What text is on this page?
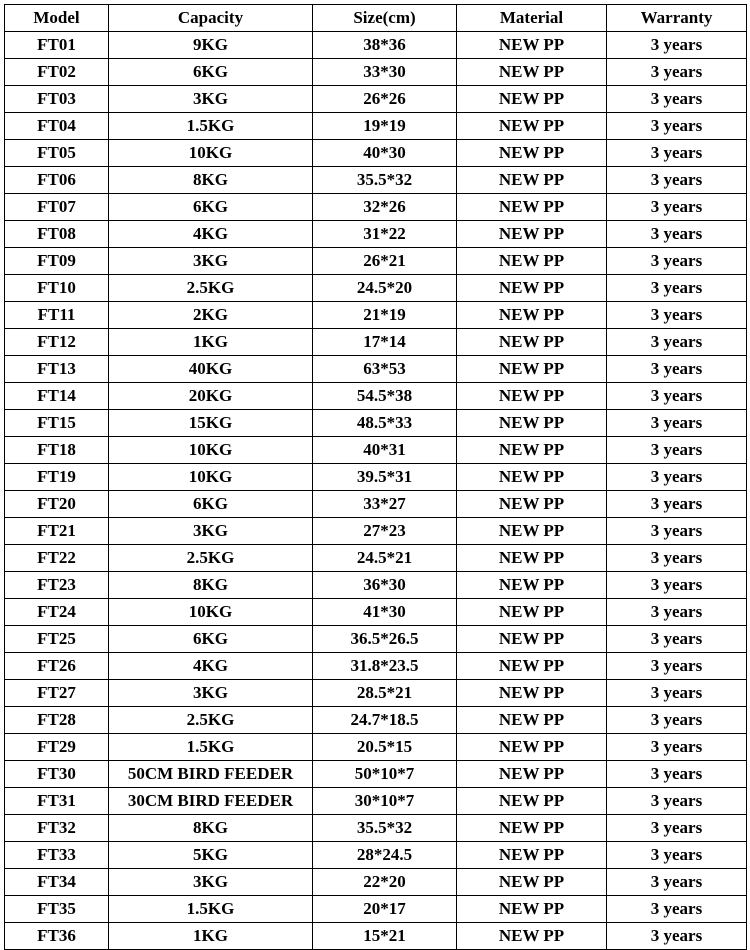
Model	Capacity	Size(cm)	Material	Warranty
FT01	9KG	38*36	NEW PP	3 years
FT02	6KG	33*30	NEW PP	3 years
FT03	3KG	26*26	NEW PP	3 years
FT04	1.5KG	19*19	NEW PP	3 years
FT05	10KG	40*30	NEW PP	3 years
FT06	8KG	35.5*32	NEW PP	3 years
FT07	6KG	32*26	NEW PP	3 years
FT08	4KG	31*22	NEW PP	3 years
FT09	3KG	26*21	NEW PP	3 years
FT10	2.5KG	24.5*20	NEW PP	3 years
FT11	2KG	21*19	NEW PP	3 years
FT12	1KG	17*14	NEW PP	3 years
FT13	40KG	63*53	NEW PP	3 years
FT14	20KG	54.5*38	NEW PP	3 years
FT15	15KG	48.5*33	NEW PP	3 years
FT18	10KG	40*31	NEW PP	3 years
FT19	10KG	39.5*31	NEW PP	3 years
FT20	6KG	33*27	NEW PP	3 years
FT21	3KG	27*23	NEW PP	3 years
FT22	2.5KG	24.5*21	NEW PP	3 years
FT23	8KG	36*30	NEW PP	3 years
FT24	10KG	41*30	NEW PP	3 years
FT25	6KG	36.5*26.5	NEW PP	3 years
FT26	4KG	31.8*23.5	NEW PP	3 years
FT27	3KG	28.5*21	NEW PP	3 years
FT28	2.5KG	24.7*18.5	NEW PP	3 years
FT29	1.5KG	20.5*15	NEW PP	3 years
FT30	50CM BIRD FEEDER	50*10*7	NEW PP	3 years
FT31	30CM BIRD FEEDER	30*10*7	NEW PP	3 years
FT32	8KG	35.5*32	NEW PP	3 years
FT33	5KG	28*24.5	NEW PP	3 years
FT34	3KG	22*20	NEW PP	3 years
FT35	1.5KG	20*17	NEW PP	3 years
FT36	1KG	15*21	NEW PP	3 years
